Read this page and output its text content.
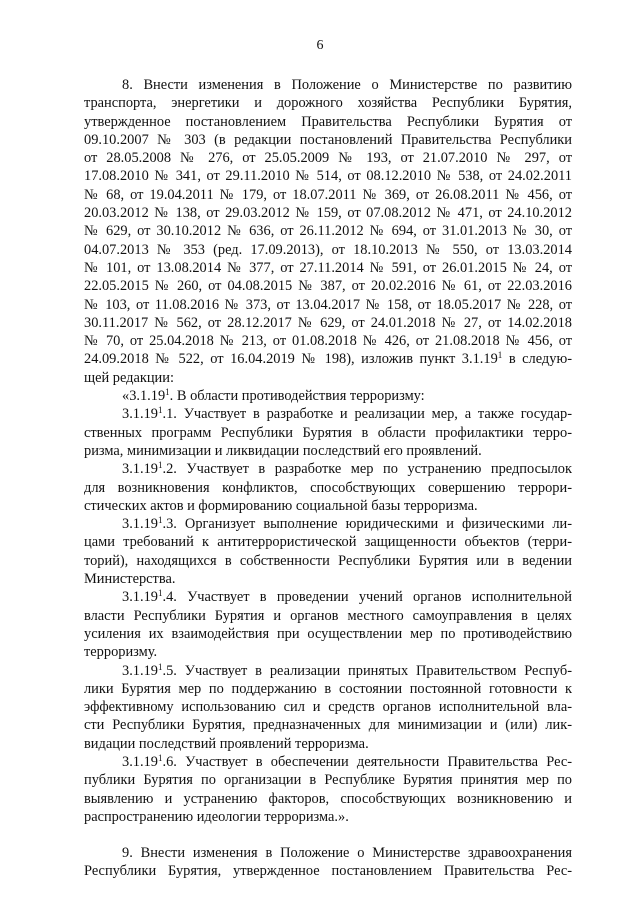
6
8. Внести изменения в Положение о Министерстве по развитию
транспорта, энергетики и дорожного хозяйства Республики Бурятия,
утвержденное постановлением Правительства Республики Бурятия от
09.10.2007 № 303 (в редакции постановлений Правительства Республики
от 28.05.2008 № 276, от 25.05.2009 № 193, от 21.07.2010 № 297, от
17.08.2010 № 341, от 29.11.2010 № 514, от 08.12.2010 № 538, от 24.02.2011
№ 68, от 19.04.2011 № 179, от 18.07.2011 № 369, от 26.08.2011 № 456, от
20.03.2012 № 138, от 29.03.2012 № 159, от 07.08.2012 № 471, от 24.10.2012
№ 629, от 30.10.2012 № 636, от 26.11.2012 № 694, от 31.01.2013 № 30, от
04.07.2013 № 353 (ред. 17.09.2013), от 18.10.2013 № 550, от 13.03.2014
№ 101, от 13.08.2014 № 377, от 27.11.2014 № 591, от 26.01.2015 № 24, от
22.05.2015 № 260, от 04.08.2015 № 387, от 20.02.2016 № 61, от 22.03.2016
№ 103, от 11.08.2016 № 373, от 13.04.2017 № 158, от 18.05.2017 № 228, от
30.11.2017 № 562, от 28.12.2017 № 629, от 24.01.2018 № 27, от 14.02.2018
№ 70, от 25.04.2018 № 213, от 01.08.2018 № 426, от 21.08.2018 № 456, от
24.09.2018 № 522, от 16.04.2019 № 198), изложив пункт 3.1.19$^1$ в следую-
щей редакции:
«3.1.19$^1$. В области противодействия терроризму:
3.1.19$^1$.1. Участвует в разработке и реализации мер, а также государ-
ственных программ Республики Бурятия в области профилактики терро-
ризма, минимизации и ликвидации последствий его проявлений.
3.1.19$^1$.2. Участвует в разработке мер по устранению предпосылок
для возникновения конфликтов, способствующих совершению террори-
стических актов и формированию социальной базы терроризма.
3.1.19$^1$.3. Организует выполнение юридическими и физическими ли-
цами требований к антитеррористической защищенности объектов (терри-
торий), находящихся в собственности Республики Бурятия или в ведении
Министерства.
3.1.19$^1$.4. Участвует в проведении учений органов исполнительной
власти Республики Бурятия и органов местного самоуправления в целях
усиления их взаимодействия при осуществлении мер по противодействию
терроризму.
3.1.19$^1$.5. Участвует в реализации принятых Правительством Респуб-
лики Бурятия мер по поддержанию в состоянии постоянной готовности к
эффективному использованию сил и средств органов исполнительной вла-
сти Республики Бурятия, предназначенных для минимизации и (или) лик-
видации последствий проявлений терроризма.
3.1.19$^1$.6. Участвует в обеспечении деятельности Правительства Рес-
публики Бурятия по организации в Республике Бурятия принятия мер по
выявлению и устранению факторов, способствующих возникновению и
распространению идеологии терроризма.».
9. Внести изменения в Положение о Министерстве здравоохранения
Республики Бурятия, утвержденное постановлением Правительства Рес-
